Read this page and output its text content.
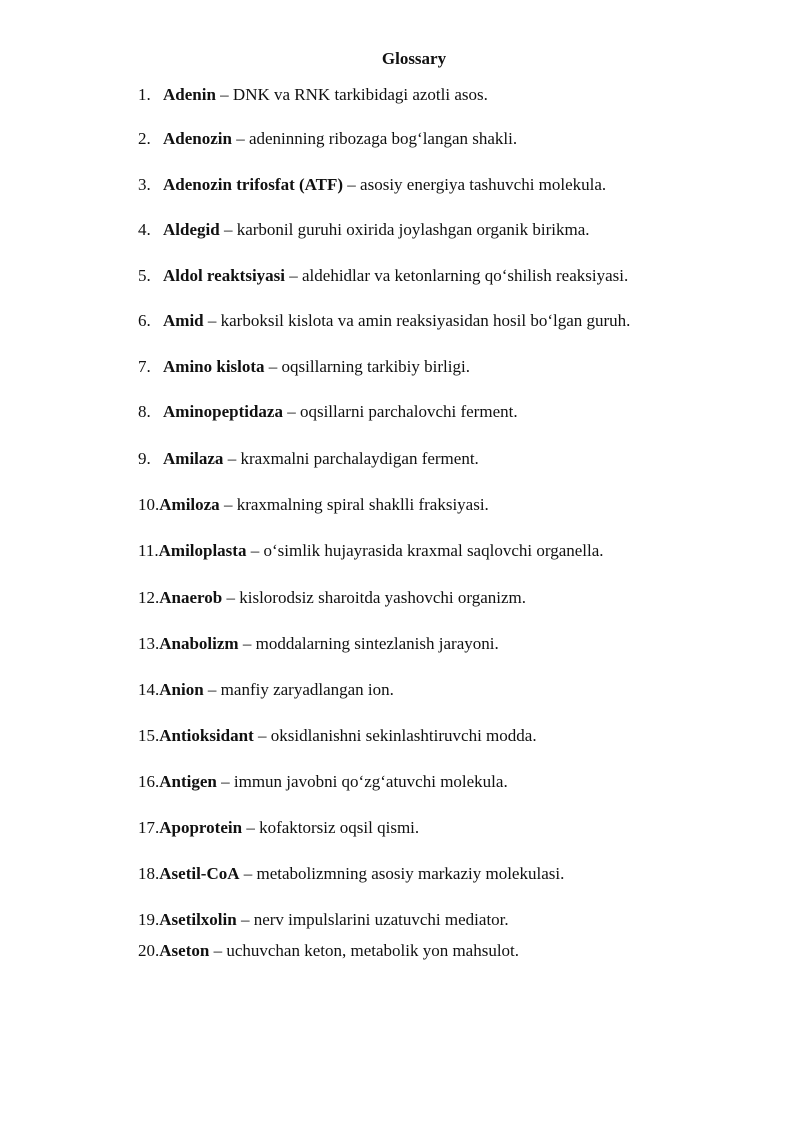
Glossary
1. Adenin – DNK va RNK tarkibidagi azotli asos.
2. Adenozin – adeninning ribozaga bog‘langan shakli.
3. Adenozin trifosfat (ATF) – asosiy energiya tashuvchi molekula.
4. Aldegid – karbonil guruhi oxirida joylashgan organik birikma.
5. Aldol reaktsiyasi – aldehidlar va ketonlarning qo‘shilish reaksiyasi.
6. Amid – karboksil kislota va amin reaksiyasidan hosil bo‘lgan guruh.
7. Amino kislota – oqsillarning tarkibiy birligi.
8. Aminopeptidaza – oqsillarni parchalovchi ferment.
9. Amilaza – kraxmalni parchalaydigan ferment.
10.Amiloza – kraxmalning spiral shaklli fraksiyasi.
11.Amiloplasta – o‘simlik hujayrasida kraxmal saqlovchi organella.
12.Anaerob – kislorodsiz sharoitda yashovchi organizm.
13.Anabolizm – moddalarning sintezlanish jarayoni.
14.Anion – manfiy zaryadlangan ion.
15.Antioksidant – oksidlanishni sekinlashtiruvchi modda.
16.Antigen – immun javobni qo‘zg‘atuvchi molekula.
17.Apoprotein – kofaktorsiz oqsil qismi.
18.Asetil-CoA – metabolizmning asosiy markaziy molekulasi.
19.Asetilxolin – nerv impulslarini uzatuvchi mediator.
20.Aseton – uchuvchan keton, metabolik yon mahsulot.
